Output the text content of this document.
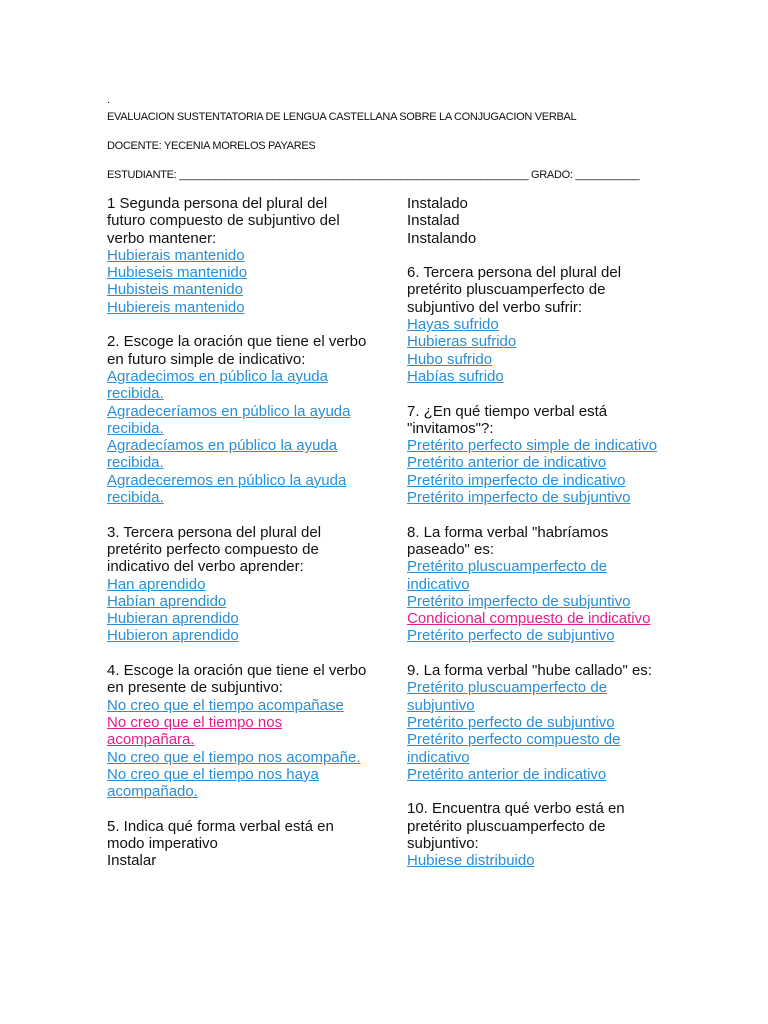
.
EVALUACION SUSTENTATORIA DE LENGUA CASTELLANA SOBRE LA CONJUGACION VERBAL
DOCENTE: YECENIA MORELOS PAYARES
ESTUDIANTE: ____________________________________________________________ GRADO: ___________
1 Segunda persona del plural del futuro compuesto de subjuntivo del verbo mantener:
Hubierais mantenido
Hubieseis mantenido
Hubisteis mantenido
Hubiereis mantenido
2. Escoge la oración que tiene el verbo en futuro simple de indicativo:
Agradecimos en público la ayuda recibida.
Agradeceríamos en público la ayuda recibida.
Agradecíamos en público la ayuda recibida.
Agradeceremos en público la ayuda recibida.
3. Tercera persona del plural del pretérito perfecto compuesto de indicativo del verbo aprender:
Han aprendido
Habían aprendido
Hubieran aprendido
Hubieron aprendido
4. Escoge la oración que tiene el verbo en presente de subjuntivo:
No creo que el tiempo acompañase
No creo que el tiempo nos acompañara.
No creo que el tiempo nos acompañe.
No creo que el tiempo nos haya acompañado.
5. Indica qué forma verbal está en modo imperativo
Instalar
Instalado
Instalad
Instalando
6. Tercera persona del plural del pretérito pluscuamperfecto de subjuntivo del verbo sufrir:
Hayas sufrido
Hubieras sufrido
Hubo sufrido
Habías sufrido
7. ¿En qué tiempo verbal está "invitamos"?:
Pretérito perfecto simple de indicativo
Pretérito anterior de indicativo
Pretérito imperfecto de indicativo
Pretérito imperfecto de subjuntivo
8. La forma verbal "habríamos paseado" es:
Pretérito pluscuamperfecto de indicativo
Pretérito imperfecto de subjuntivo
Condicional compuesto de indicativo
Pretérito perfecto de subjuntivo
9. La forma verbal "hube callado" es:
Pretérito pluscuamperfecto de subjuntivo
Pretérito perfecto de subjuntivo
Pretérito perfecto compuesto de indicativo
Pretérito anterior de indicativo
10. Encuentra qué verbo está en pretérito pluscuamperfecto de subjuntivo:
Hubiese distribuido
